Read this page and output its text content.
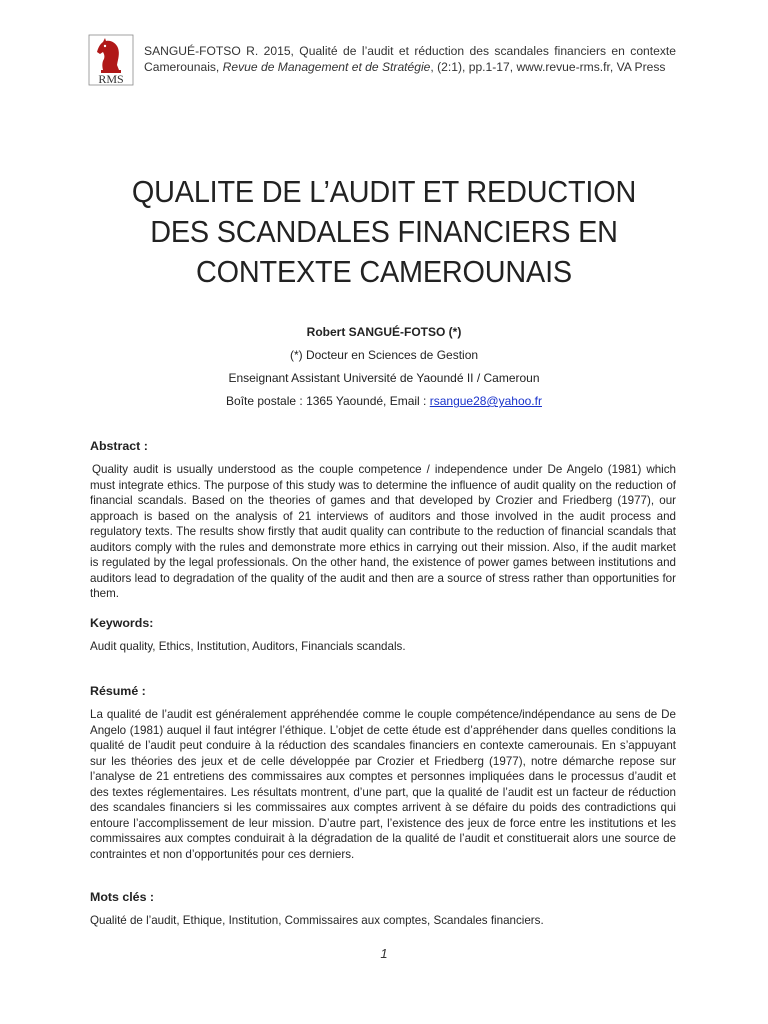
RMS
SANGUÉ-FOTSO R. 2015, Qualité de l’audit et réduction des scandales financiers en contexte Camerounais, Revue de Management et de Stratégie, (2:1), pp.1-17, www.revue-rms.fr, VA Press
QUALITE DE L’AUDIT ET REDUCTION
DES SCANDALES FINANCIERS EN
CONTEXTE CAMEROUNAIS
Robert SANGUÉ-FOTSO (*)
(*) Docteur en Sciences de Gestion
Enseignant Assistant Université de Yaoundé II / Cameroun
Boîte postale : 1365 Yaoundé, Email : rsangue28@yahoo.fr
Abstract :
Quality audit is usually understood as the couple competence / independence under De Angelo (1981) which must integrate ethics. The purpose of this study was to determine the influence of audit quality on the reduction of financial scandals. Based on the theories of games and that developed by Crozier and Friedberg (1977), our approach is based on the analysis of 21 interviews of auditors and those involved in the audit process and regulatory texts. The results show firstly that audit quality can contribute to the reduction of financial scandals that auditors comply with the rules and demonstrate more ethics in carrying out their mission. Also, if the audit market is regulated by the legal professionals. On the other hand, the existence of power games between institutions and auditors lead to degradation of the quality of the audit and then are a source of stress rather than opportunities for them.
Keywords:
Audit quality, Ethics, Institution, Auditors, Financials scandals.
Résumé :
La qualité de l’audit est généralement appréhendée comme le couple compétence/indépendance au sens de De Angelo (1981) auquel il faut intégrer l’éthique. L’objet de cette étude est d’appréhender dans quelles conditions la qualité de l’audit peut conduire à la réduction des scandales financiers en contexte camerounais. En s’appuyant sur les théories des jeux et de celle développée par Crozier et Friedberg (1977), notre démarche repose sur l’analyse de 21 entretiens des commissaires aux comptes et personnes impliquées dans le processus d’audit et des textes réglementaires. Les résultats montrent, d’une part, que la qualité de l’audit est un facteur de réduction des scandales financiers si les commissaires aux comptes arrivent à se défaire du poids des contradictions qui entoure l’accomplissement de leur mission. D’autre part, l’existence des jeux de force entre les institutions et les commissaires aux comptes conduirait à la dégradation de la qualité de l’audit et constituerait alors une source de contraintes et non d’opportunités pour ces derniers.
Mots clés :
Qualité de l’audit, Ethique, Institution, Commissaires aux comptes, Scandales financiers.
1
